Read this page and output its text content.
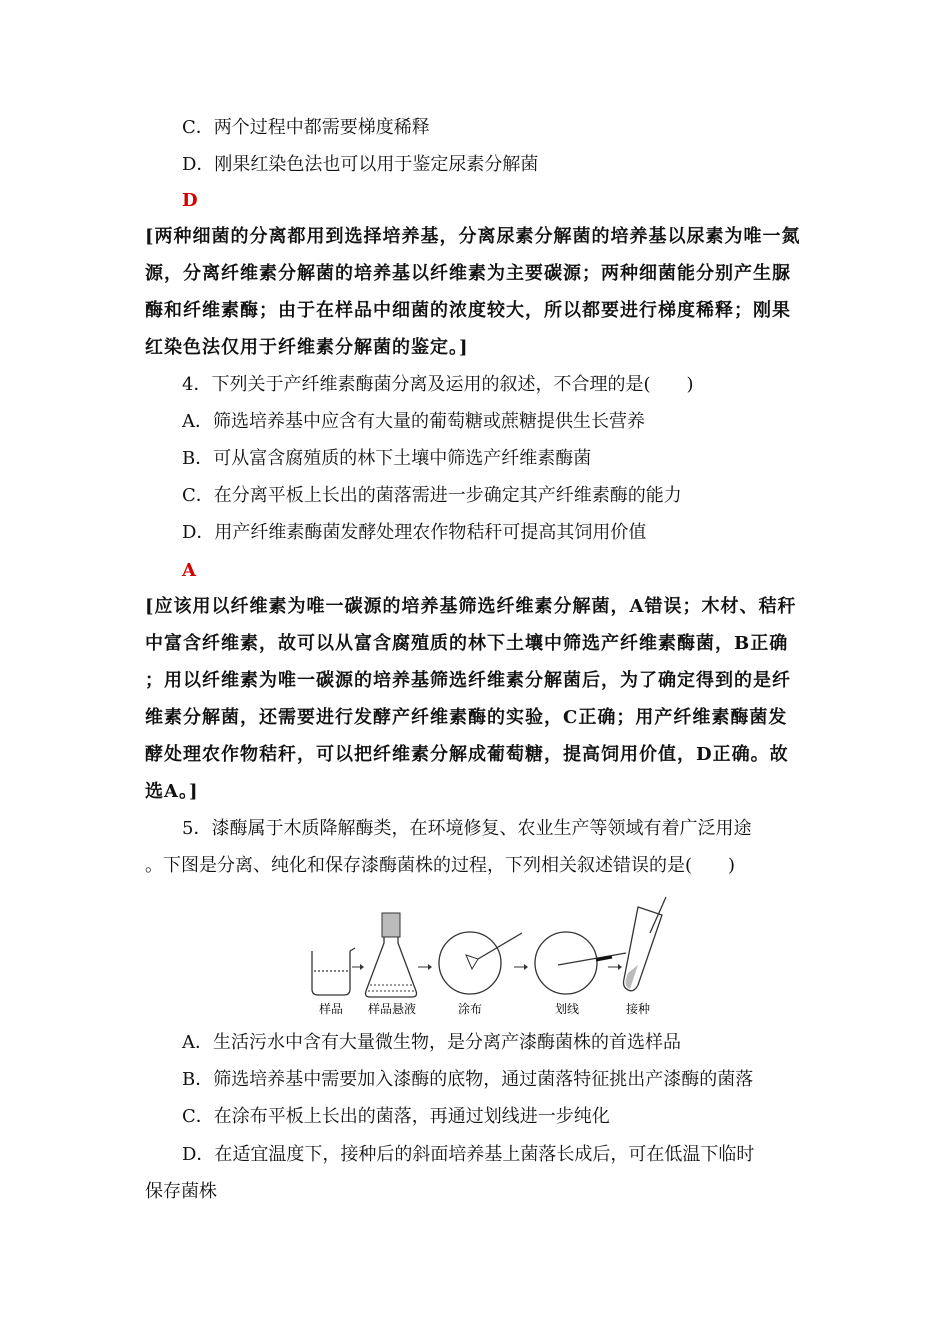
C．两个过程中都需要梯度稀释
D．刚果红染色法也可以用于鉴定尿素分解菌
D
[两种细菌的分离都用到选择培养基，分离尿素分解菌的培养基以尿素为唯一氮
源，分离纤维素分解菌的培养基以纤维素为主要碳源；两种细菌能分别产生脲
酶和纤维素酶；由于在样品中细菌的浓度较大，所以都要进行梯度稀释；刚果
红染色法仅用于纤维素分解菌的鉴定。]
4．下列关于产纤维素酶菌分离及运用的叙述，不合理的是(　　)
A．筛选培养基中应含有大量的葡萄糖或蔗糖提供生长营养
B．可从富含腐殖质的林下土壤中筛选产纤维素酶菌
C．在分离平板上长出的菌落需进一步确定其产纤维素酶的能力
D．用产纤维素酶菌发酵处理农作物秸秆可提高其饲用价值
A
[应该用以纤维素为唯一碳源的培养基筛选纤维素分解菌，A错误；木材、秸秆
中富含纤维素，故可以从富含腐殖质的林下土壤中筛选产纤维素酶菌，B正确
；用以纤维素为唯一碳源的培养基筛选纤维素分解菌后，为了确定得到的是纤
维素分解菌，还需要进行发酵产纤维素酶的实验，C正确；用产纤维素酶菌发
酵处理农作物秸秆，可以把纤维素分解成葡萄糖，提高饲用价值，D正确。故
选A。]
5．漆酶属于木质降解酶类，在环境修复、农业生产等领域有着广泛用途
。下图是分离、纯化和保存漆酶菌株的过程，下列相关叙述错误的是(　　)
样品 样品悬液	涂布	划线	接种
A．生活污水中含有大量微生物，是分离产漆酶菌株的首选样品
B．筛选培养基中需要加入漆酶的底物，通过菌落特征挑出产漆酶的菌落
C．在涂布平板上长出的菌落，再通过划线进一步纯化
D．在适宜温度下，接种后的斜面培养基上菌落长成后，可在低温下临时
保存菌株
